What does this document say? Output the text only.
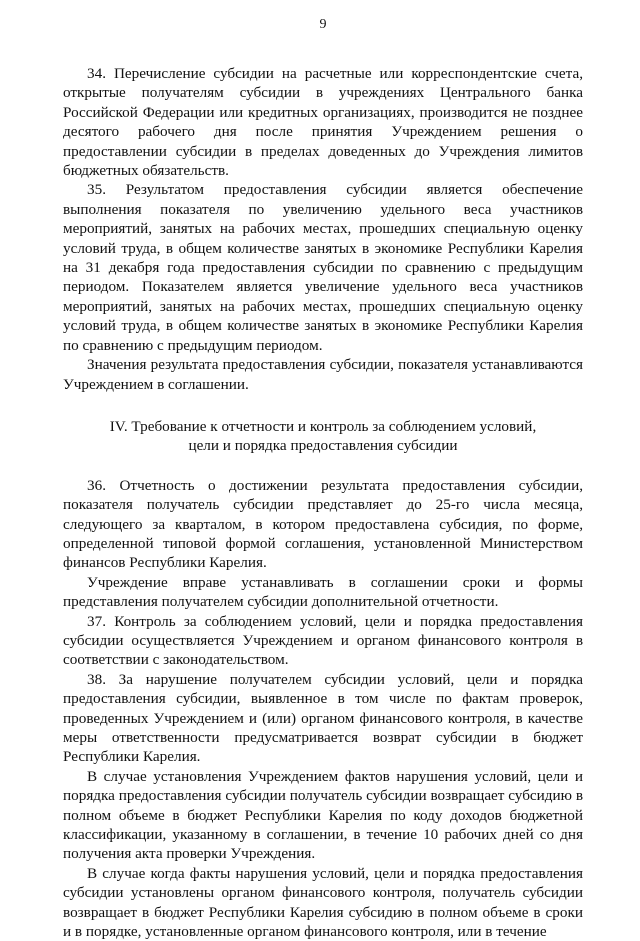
9

34. Перечисление субсидии на расчетные или корреспондентские счета, открытые получателям субсидии в учреждениях Центрального банка Российской Федерации или кредитных организациях, производится не позднее десятого рабочего дня после принятия Учреждением решения о предоставлении субсидии в пределах доведенных до Учреждения лимитов бюджетных обязательств.

35. Результатом предоставления субсидии является обеспечение выполнения показателя по увеличению удельного веса участников мероприятий, занятых на рабочих местах, прошедших специальную оценку условий труда, в общем количестве занятых в экономике Республики Карелия на 31 декабря года предоставления субсидии по сравнению с предыдущим периодом. Показателем является увеличение удельного веса участников мероприятий, занятых на рабочих местах, прошедших специальную оценку условий труда, в общем количестве занятых в экономике Республики Карелия по сравнению с предыдущим периодом.

Значения результата предоставления субсидии, показателя устанавливаются Учреждением в соглашении.

IV. Требование к отчетности и контроль за соблюдением условий,
цели и порядка предоставления субсидии

36. Отчетность о достижении результата предоставления субсидии, показателя получатель субсидии представляет до 25-го числа месяца, следующего за кварталом, в котором предоставлена субсидия, по форме, определенной типовой формой соглашения, установленной Министерством финансов Республики Карелия.

Учреждение вправе устанавливать в соглашении сроки и формы представления получателем субсидии дополнительной отчетности.

37. Контроль за соблюдением условий, цели и порядка предоставления субсидии осуществляется Учреждением и органом финансового контроля в соответствии с законодательством.

38. За нарушение получателем субсидии условий, цели и порядка предоставления субсидии, выявленное в том числе по фактам проверок, проведенных Учреждением и (или) органом финансового контроля, в качестве меры ответственности предусматривается возврат субсидии в бюджет Республики Карелия.

В случае установления Учреждением фактов нарушения условий, цели и порядка предоставления субсидии получатель субсидии возвращает субсидию в полном объеме в бюджет Республики Карелия по коду доходов бюджетной классификации, указанному в соглашении, в течение 10 рабочих дней со дня получения акта проверки Учреждения.

В случае когда факты нарушения условий, цели и порядка предоставления субсидии установлены органом финансового контроля, получатель субсидии возвращает в бюджет Республики Карелия субсидию в полном объеме в сроки и в порядке, установленные органом финансового контроля, или в течение
